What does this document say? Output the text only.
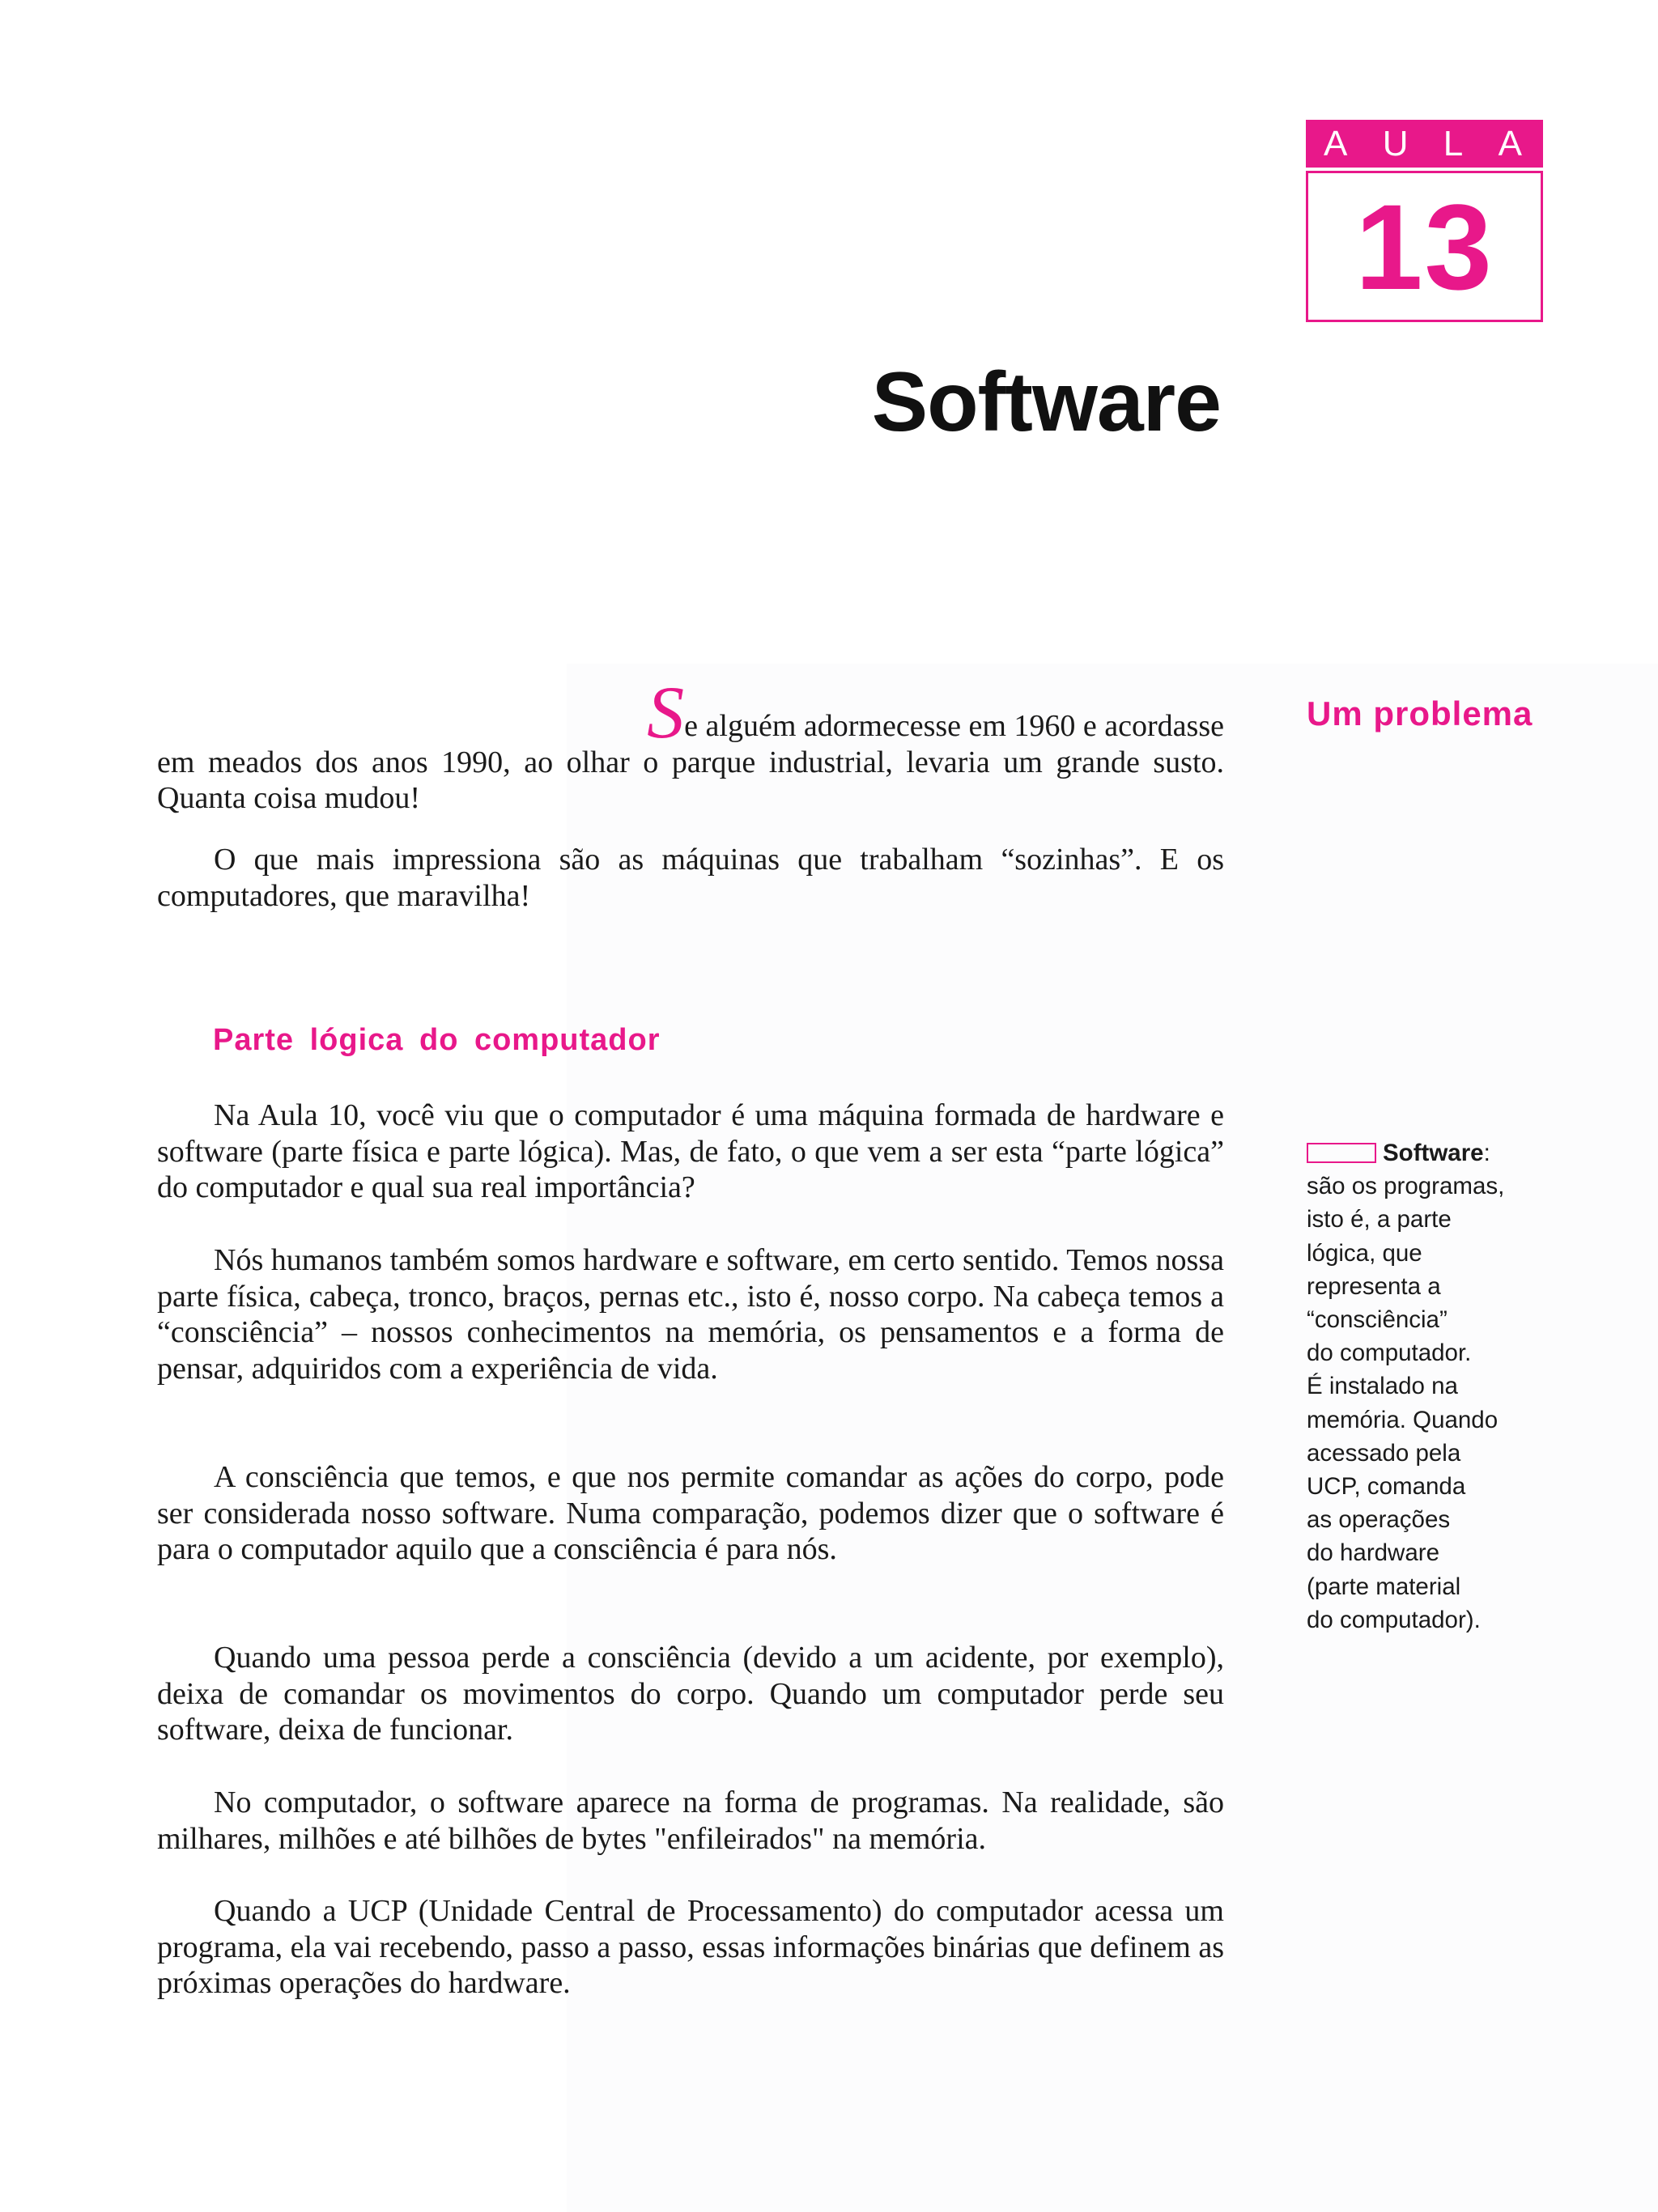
A U L A
13
Software
Um problema

Se alguém adormecesse em 1960 e acordasse

em meados dos anos 1990, ao olhar o parque industrial, levaria um grande susto. Quanta coisa mudou!

O que mais impressiona são as máquinas que trabalham “sozinhas”. E os computadores, que maravilha!

Parte lógica do computador

Na Aula 10, você viu que o computador é uma máquina formada de hardware e software (parte física e parte lógica). Mas, de fato, o que vem a ser esta “parte lógica” do computador e qual sua real importância?

Nós humanos também somos hardware e software, em certo sentido. Temos nossa parte física, cabeça, tronco, braços, pernas etc., isto é, nosso corpo. Na cabeça temos a “consciência” – nossos conhecimentos na memória, os pensamentos e a forma de pensar, adquiridos com a experiência de vida.

A consciência que temos, e que nos permite comandar as ações do corpo, pode ser considerada nosso software. Numa comparação, podemos dizer que o software é para o computador aquilo que a consciência é para nós.

Quando uma pessoa perde a consciência (devido a um acidente, por exemplo), deixa de comandar os movimentos do corpo. Quando um computador perde seu software, deixa de funcionar.

No computador, o software aparece na forma de programas. Na realidade, são milhares, milhões e até bilhões de bytes "enfileirados" na memória.

Quando a UCP (Unidade Central de Processamento) do computador acessa um programa, ela vai recebendo, passo a passo, essas informações binárias que definem as próximas operações do hardware.

Software:
são os programas,
isto é, a parte
lógica, que
representa a
“consciência”
do computador.
É instalado na
memória. Quando
acessado pela
UCP, comanda
as operações
do hardware
(parte material
do computador).
